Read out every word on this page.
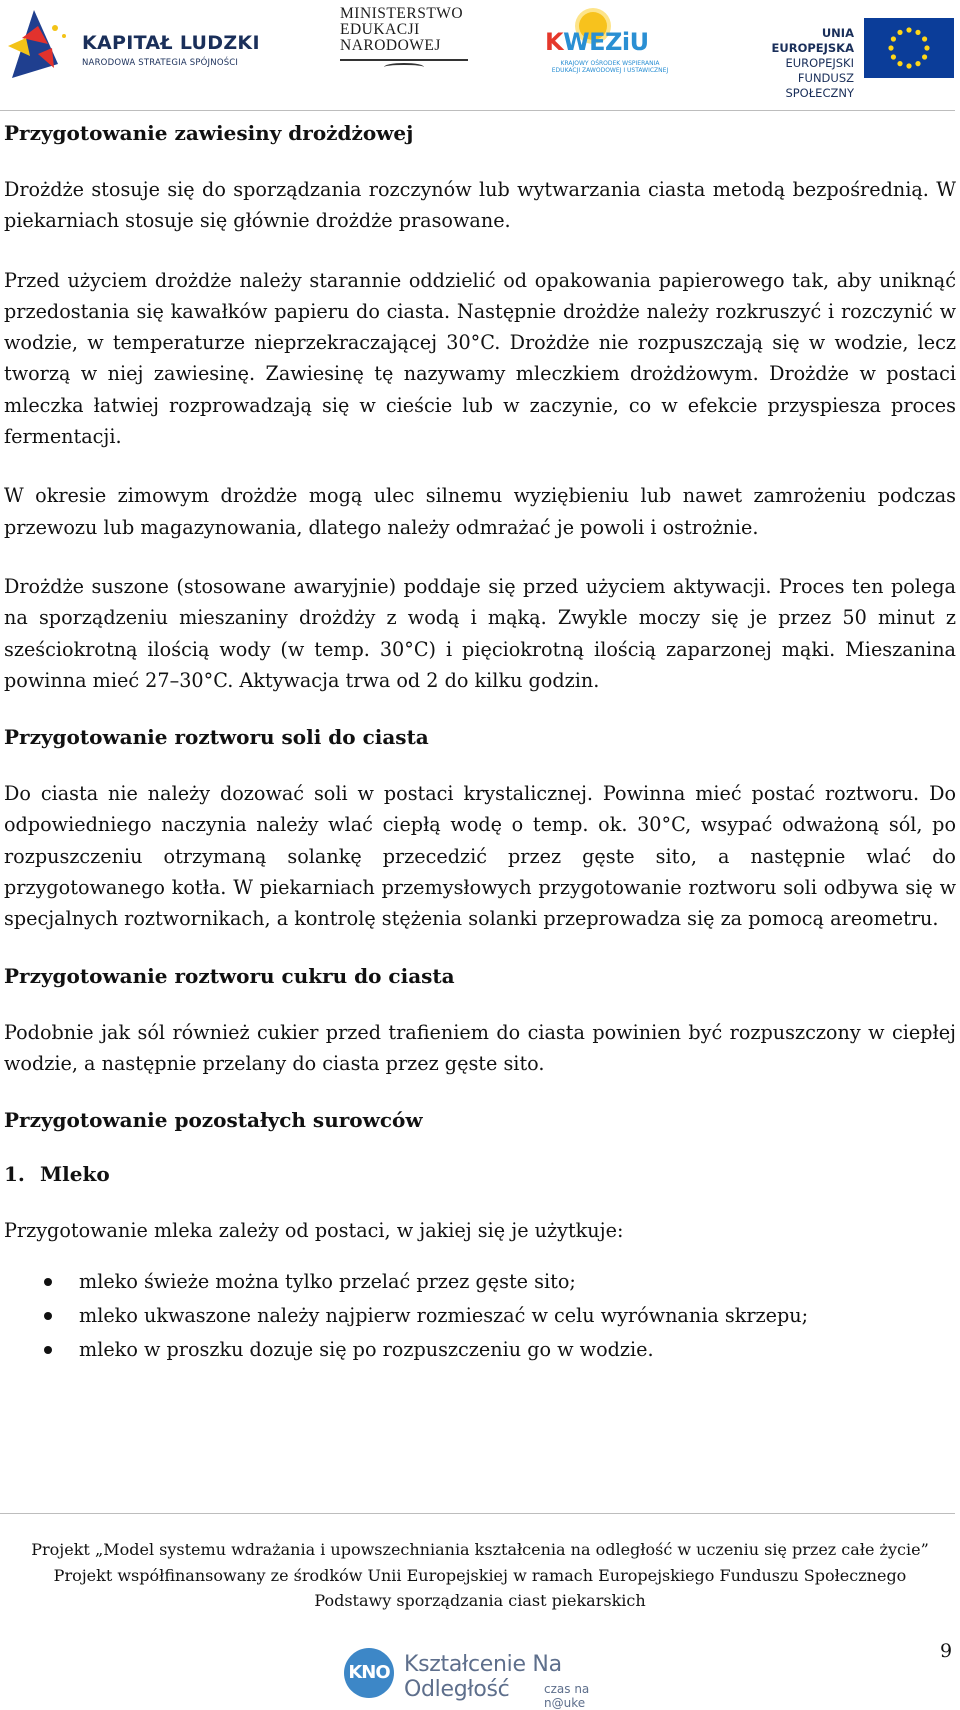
KAPITAŁ LUDZKI
NARODOWA STRATEGIA SPÓJNOŚCI
MINISTERSTWO
EDUKACJI
NARODOWEJ	KWEZiU
KRAJOWY OŚRODEK WSPIERANIA EDUKACJI ZAWODOWEJ I USTAWICZNEJ
UNIA EUROPEJSKA
EUROPEJSKI
FUNDUSZ SPOŁECZNY
Przygotowanie zawiesiny drożdżowej

Drożdże stosuje się do sporządzania rozczynów lub wytwarzania ciasta metodą bezpośrednią. W piekarniach stosuje się głównie drożdże prasowane.

Przed użyciem drożdże należy starannie oddzielić od opakowania papierowego tak, aby uniknąć przedostania się kawałków papieru do ciasta. Następnie drożdże należy rozkruszyć i rozczynić w wodzie, w temperaturze nieprzekraczającej 30°C. Drożdże nie rozpuszczają się w wodzie, lecz tworzą w niej zawiesinę. Zawiesinę tę nazywamy mleczkiem drożdżowym. Drożdże w postaci mleczka łatwiej rozprowadzają się w cieście lub w zaczynie, co w efekcie przyspiesza proces fermentacji.

W okresie zimowym drożdże mogą ulec silnemu wyziębieniu lub nawet zamrożeniu podczas przewozu lub magazynowania, dlatego należy odmrażać je powoli i ostrożnie.

Drożdże suszone (stosowane awaryjnie) poddaje się przed użyciem aktywacji. Proces ten polega na sporządzeniu mieszaniny drożdży z wodą i mąką. Zwykle moczy się je przez 50 minut z sześciokrotną ilością wody (w temp. 30°C) i pięciokrotną ilością zaparzonej mąki. Mieszanina powinna mieć 27–30°C. Aktywacja trwa od 2 do kilku godzin.

Przygotowanie roztworu soli do ciasta

Do ciasta nie należy dozować soli w postaci krystalicznej. Powinna mieć postać roztworu. Do odpowiedniego naczynia należy wlać ciepłą wodę o temp. ok. 30°C, wsypać odważoną sól, po rozpuszczeniu otrzymaną solankę przecedzić przez gęste sito, a następnie wlać do przygotowanego kotła. W piekarniach przemysłowych przygotowanie roztworu soli odbywa się w specjalnych roztwornikach, a kontrolę stężenia solanki przeprowadza się za pomocą areometru.

Przygotowanie roztworu cukru do ciasta

Podobnie jak sól również cukier przed trafieniem do ciasta powinien być rozpuszczony w ciepłej wodzie, a następnie przelany do ciasta przez gęste sito.

Przygotowanie pozostałych surowców
1. Mleko

Przygotowanie mleka zależy od postaci, w jakiej się je użytkuje:

mleko świeże można tylko przelać przez gęste sito;
mleko ukwaszone należy najpierw rozmieszać w celu wyrównania skrzepu;
mleko w proszku dozuje się po rozpuszczeniu go w wodzie.
Projekt „Model systemu wdrażania i upowszechniania kształcenia na odległość w uczeniu się przez całe życie”
Projekt współfinansowany ze środków Unii Europejskiej w ramach Europejskiego Funduszu Społecznego
Podstawy sporządzania ciast piekarskich
9
KNO Kształcenie Na Odległość	czas na n@uke
